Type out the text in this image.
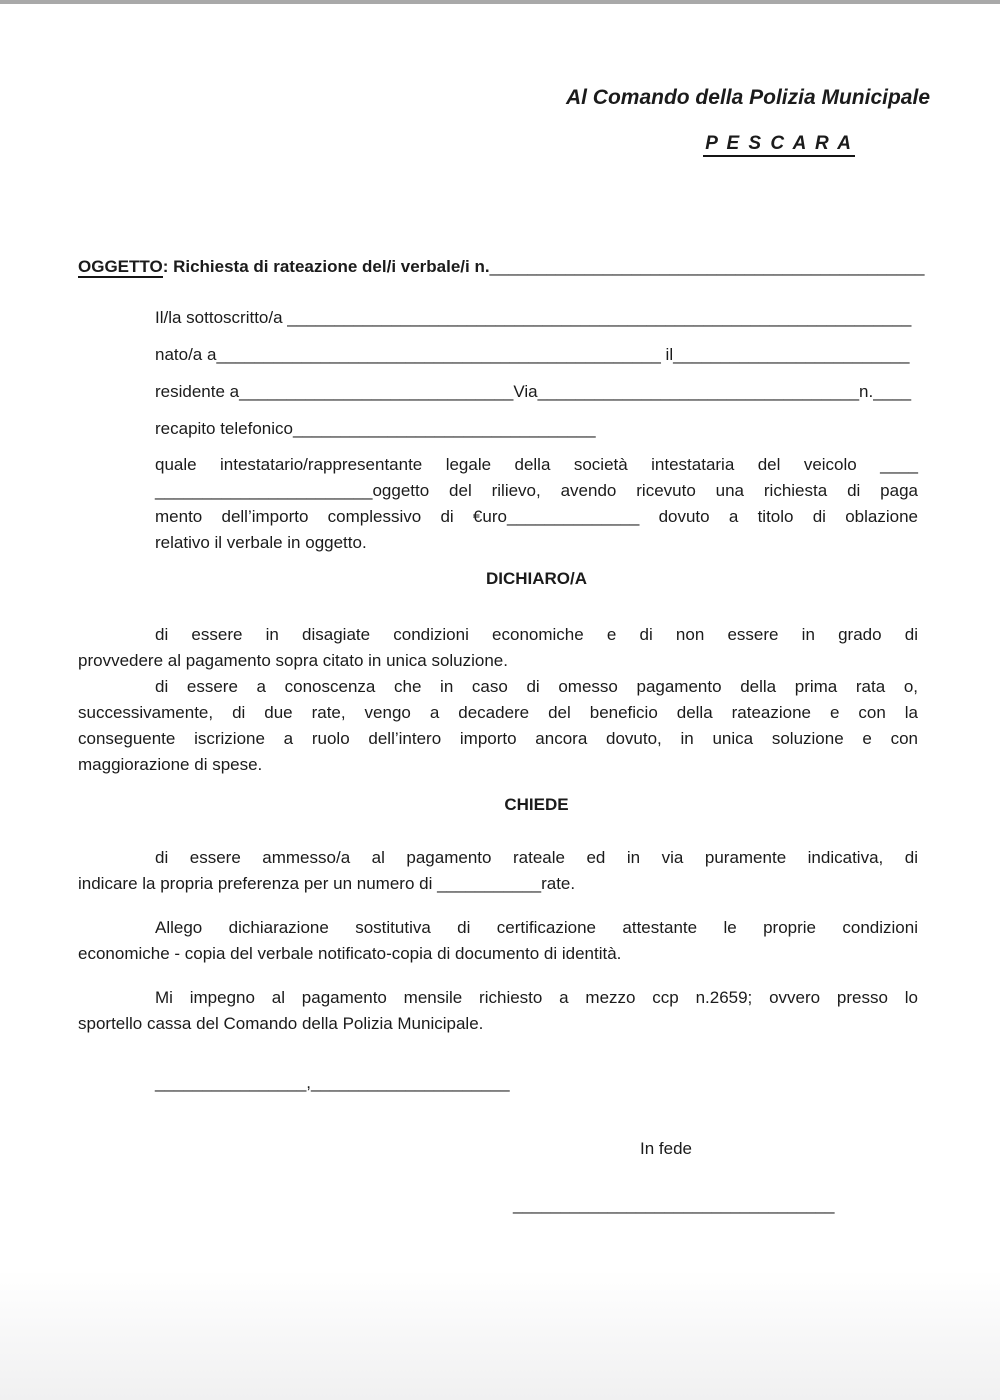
Al Comando della Polizia Municipale
P E S C A R A
OGGETTO: Richiesta di rateazione del/i verbale/i n.______________________________________________
Il/la sottoscritto/a __________________________________________________________________
nato/a a_______________________________________________ il_________________________
residente a_____________________________Via__________________________________n.____
recapito telefonico________________________________
quale intestatario/rappresentante legale della società intestataria del veicolo ____
_______________________oggetto del rilievo, avendo ricevuto una richiesta di paga
mento dell’importo complessivo di €uro______________ dovuto a titolo di oblazione
relativo il verbale in oggetto.
DICHIARO/A
di essere in disagiate condizioni economiche e di non essere in grado di
provvedere al pagamento sopra citato in unica soluzione.
di essere a conoscenza che in caso di omesso pagamento della prima rata o,
successivamente, di due rate, vengo a decadere del beneficio della rateazione e con la
conseguente iscrizione a ruolo dell’intero importo ancora dovuto, in unica soluzione e con
maggiorazione di spese.
CHIEDE
di essere ammesso/a al pagamento rateale ed in via puramente indicativa, di
indicare la propria preferenza per un numero di ___________rate.
Allego dichiarazione sostitutiva di certificazione attestante le proprie condizioni
economiche - copia del verbale notificato-copia di documento di identità.
Mi impegno al pagamento mensile richiesto a mezzo ccp n.2659; ovvero presso lo
sportello cassa del Comando della Polizia Municipale.
________________,_____________________
In fede
__________________________________
